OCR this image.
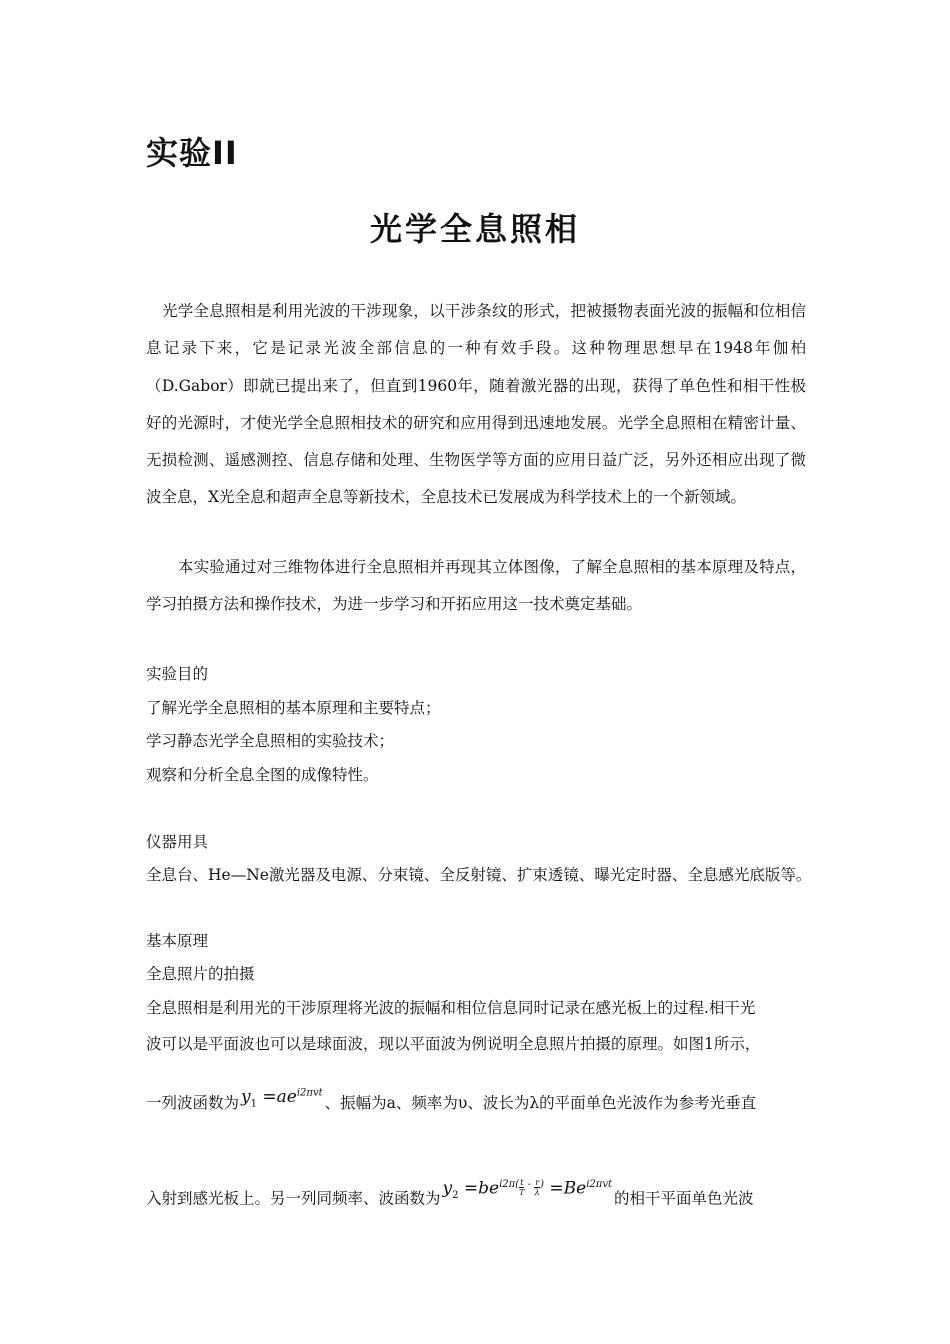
实验II
光学全息照相

光学全息照相是利用光波的干涉现象，以干涉条纹的形式，把被摄物表面光波的振幅和位相信息记录下来，它是记录光波全部信息的一种有效手段。这种物理思想早在1948年伽柏（D.Gabor）即就已提出来了，但直到1960年，随着激光器的出现，获得了单色性和相干性极好的光源时，才使光学全息照相技术的研究和应用得到迅速地发展。光学全息照相在精密计量、无损检测、遥感测控、信息存储和处理、生物医学等方面的应用日益广泛，另外还相应出现了微波全息，X光全息和超声全息等新技术，全息技术已发展成为科学技术上的一个新领域。

本实验通过对三维物体进行全息照相并再现其立体图像，了解全息照相的基本原理及特点，学习拍摄方法和操作技术，为进一步学习和开拓应用这一技术奠定基础。

实验目的
了解光学全息照相的基本原理和主要特点；
学习静态光学全息照相的实验技术；
观察和分析全息全图的成像特性。
仪器用具
全息台、He—Ne激光器及电源、分束镜、全反射镜、扩束透镜、曝光定时器、全息感光底版等。
基本原理
全息照片的拍摄
全息照相是利用光的干涉原理将光波的振幅和相位信息同时记录在感光板上的过程.相干光
波可以是平面波也可以是球面波，现以平面波为例说明全息照片拍摄的原理。如图1所示，
一列波函数为 $y_1 =ae^{i2\pi vt}$、振幅为a、频率为υ、波长为λ的平面单色光波作为参考光垂直
入射到感光板上。另一列同频率、波函数为 $y_2 =be^{i2\pi( \frac{t}{T} - \frac{r}{\lambda} )} =Be^{i2\pi vt}$的相干平面单色光波
